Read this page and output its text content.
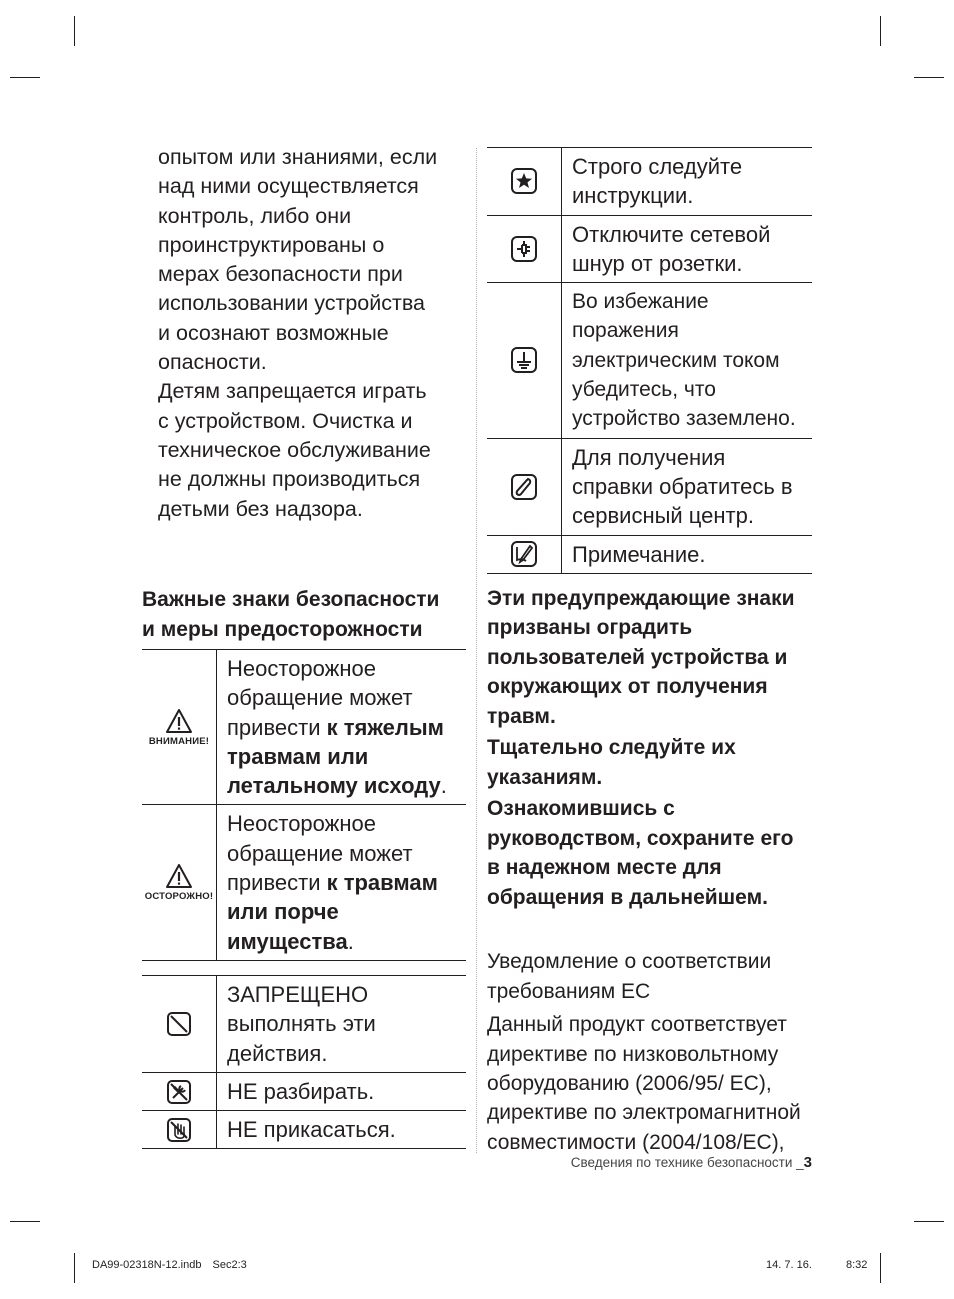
опытом или знаниями, если

над ними осуществляется

контроль, либо они

проинструктированы о

мерах безопасности при

использовании устройства

и осознают возможные

опасности.

Детям запрещается играть

с устройством. Очистка и

техническое обслуживание

не должны производиться

детьми без надзора.

Важные знаки безопасности

и меры предосторожности

ВНИМАНИЕ!	Неосторожное обращение может привести к тяжелым травмам или летальному исходу.

ОСТОРОЖНО!	Неосторожное обращение может привести к травмам или порче имущества.
	ЗАПРЕЩЕНО выполнять эти действия.
	НЕ разбирать.
	НЕ прикасаться.
	Строго следуйте инструкции.
	Отключите сетевой шнур от розетки.
	Во избежание поражения электрическим током убедитесь, что устройство заземлено.
	Для получения справки обратитесь в сервисный центр.
	Примечание.

Эти предупреждающие знаки призваны оградить пользователей устройства и окружающих от получения травм.

Тщательно следуйте их указаниям.

Ознакомившись с руководством, сохраните его в надежном месте для обращения в дальнейшем.

Уведомление о соответствии требованиям ЕС

Данный продукт соответствует директиве по низковольтному оборудованию (2006/95/ ЕС), директиве по электромагнитной совместимости (2004/108/ЕС),

Сведения по технике безопасности _3
DA99-02318N-12.indb Sec2:3	14. 7. 16.	8:32
